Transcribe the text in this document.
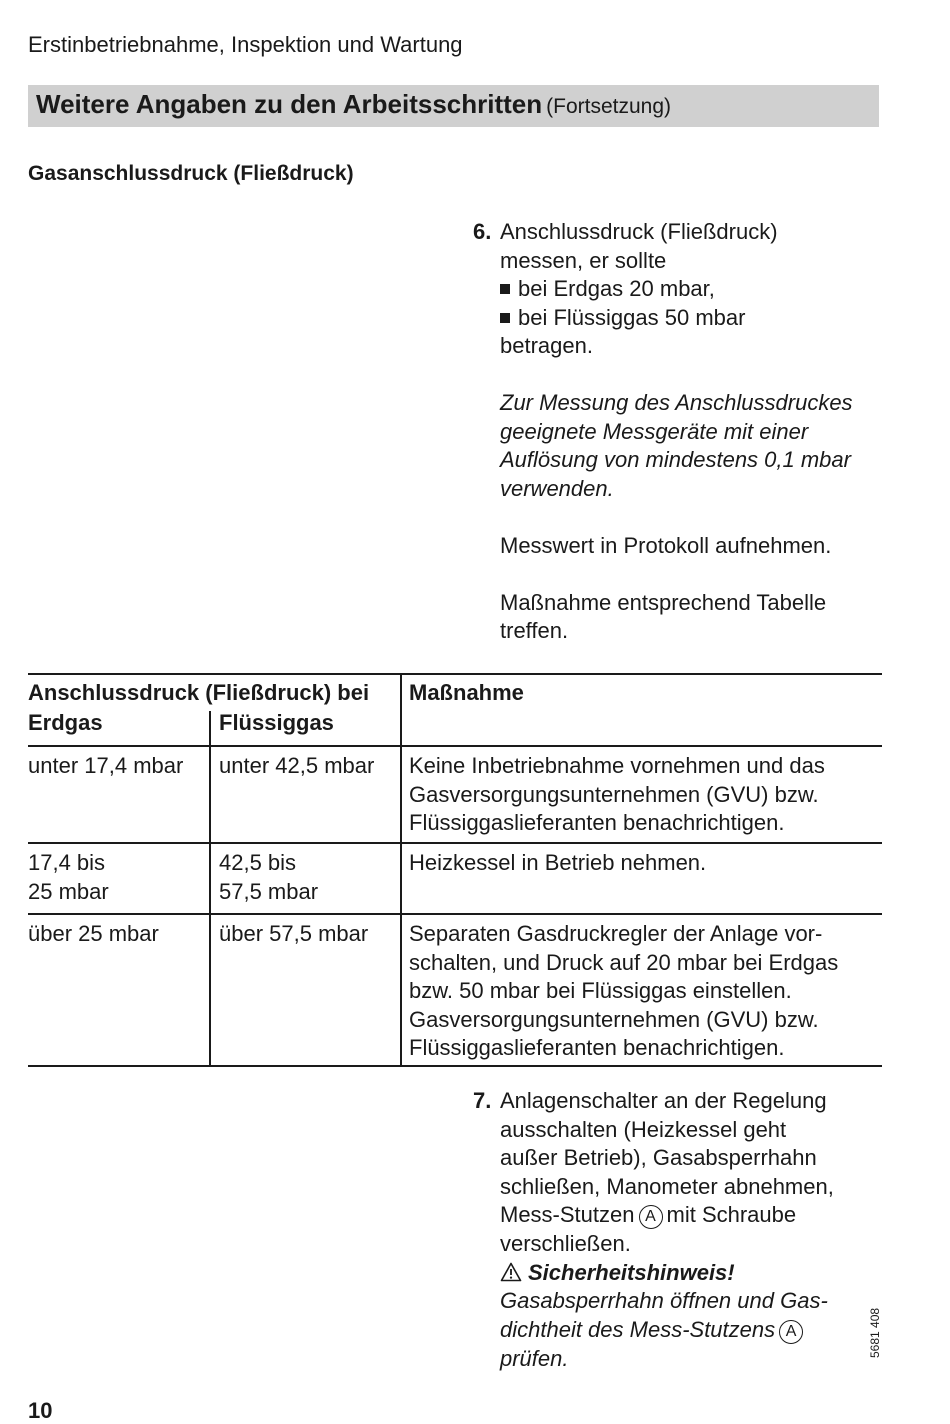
Erstinbetriebnahme, Inspektion und Wartung
Weitere Angaben zu den Arbeitsschritten (Fortsetzung)
Gasanschlussdruck (Fließdruck)
6. Anschlussdruck (Fließdruck)

messen, er sollte

bei Erdgas 20 mbar,
bei Flüssiggas 50 mbar

betragen.

Zur Messung des Anschlussdruckes

geeignete Messgeräte mit einer

Auflösung von mindestens 0,1 mbar

verwenden.

Messwert in Protokoll aufnehmen.

Maßnahme entsprechend Tabelle

treffen.

Anschlussdruck (Fließdruck) bei
Erdgas	Flüssiggas
Maßnahme
unter 17,4 mbar unter 42,5 mbar Keine Inbetriebnahme vornehmen und das
Gasversorgungsunternehmen (GVU) bzw.
Flüssiggaslieferanten benachrichtigen.
17,4 bis
25 mbar
42,5 bis
57,5 mbar
Heizkessel in Betrieb nehmen.
über 25 mbar	über 57,5 mbar Separaten Gasdruckregler der Anlage vor-
schalten, und Druck auf 20 mbar bei Erdgas
bzw. 50 mbar bei Flüssiggas einstellen.
Gasversorgungsunternehmen (GVU) bzw.
Flüssiggaslieferanten benachrichtigen.
7. Anlagenschalter an der Regelung

ausschalten (Heizkessel geht

außer Betrieb), Gasabsperrhahn

schließen, Manometer abnehmen,

Mess-Stutzen A mit Schraube

verschließen.

Sicherheitshinweis!

Gasabsperrhahn öffnen und Gas-

dichtheit des Mess-Stutzens A

prüfen.

10
5681 408
